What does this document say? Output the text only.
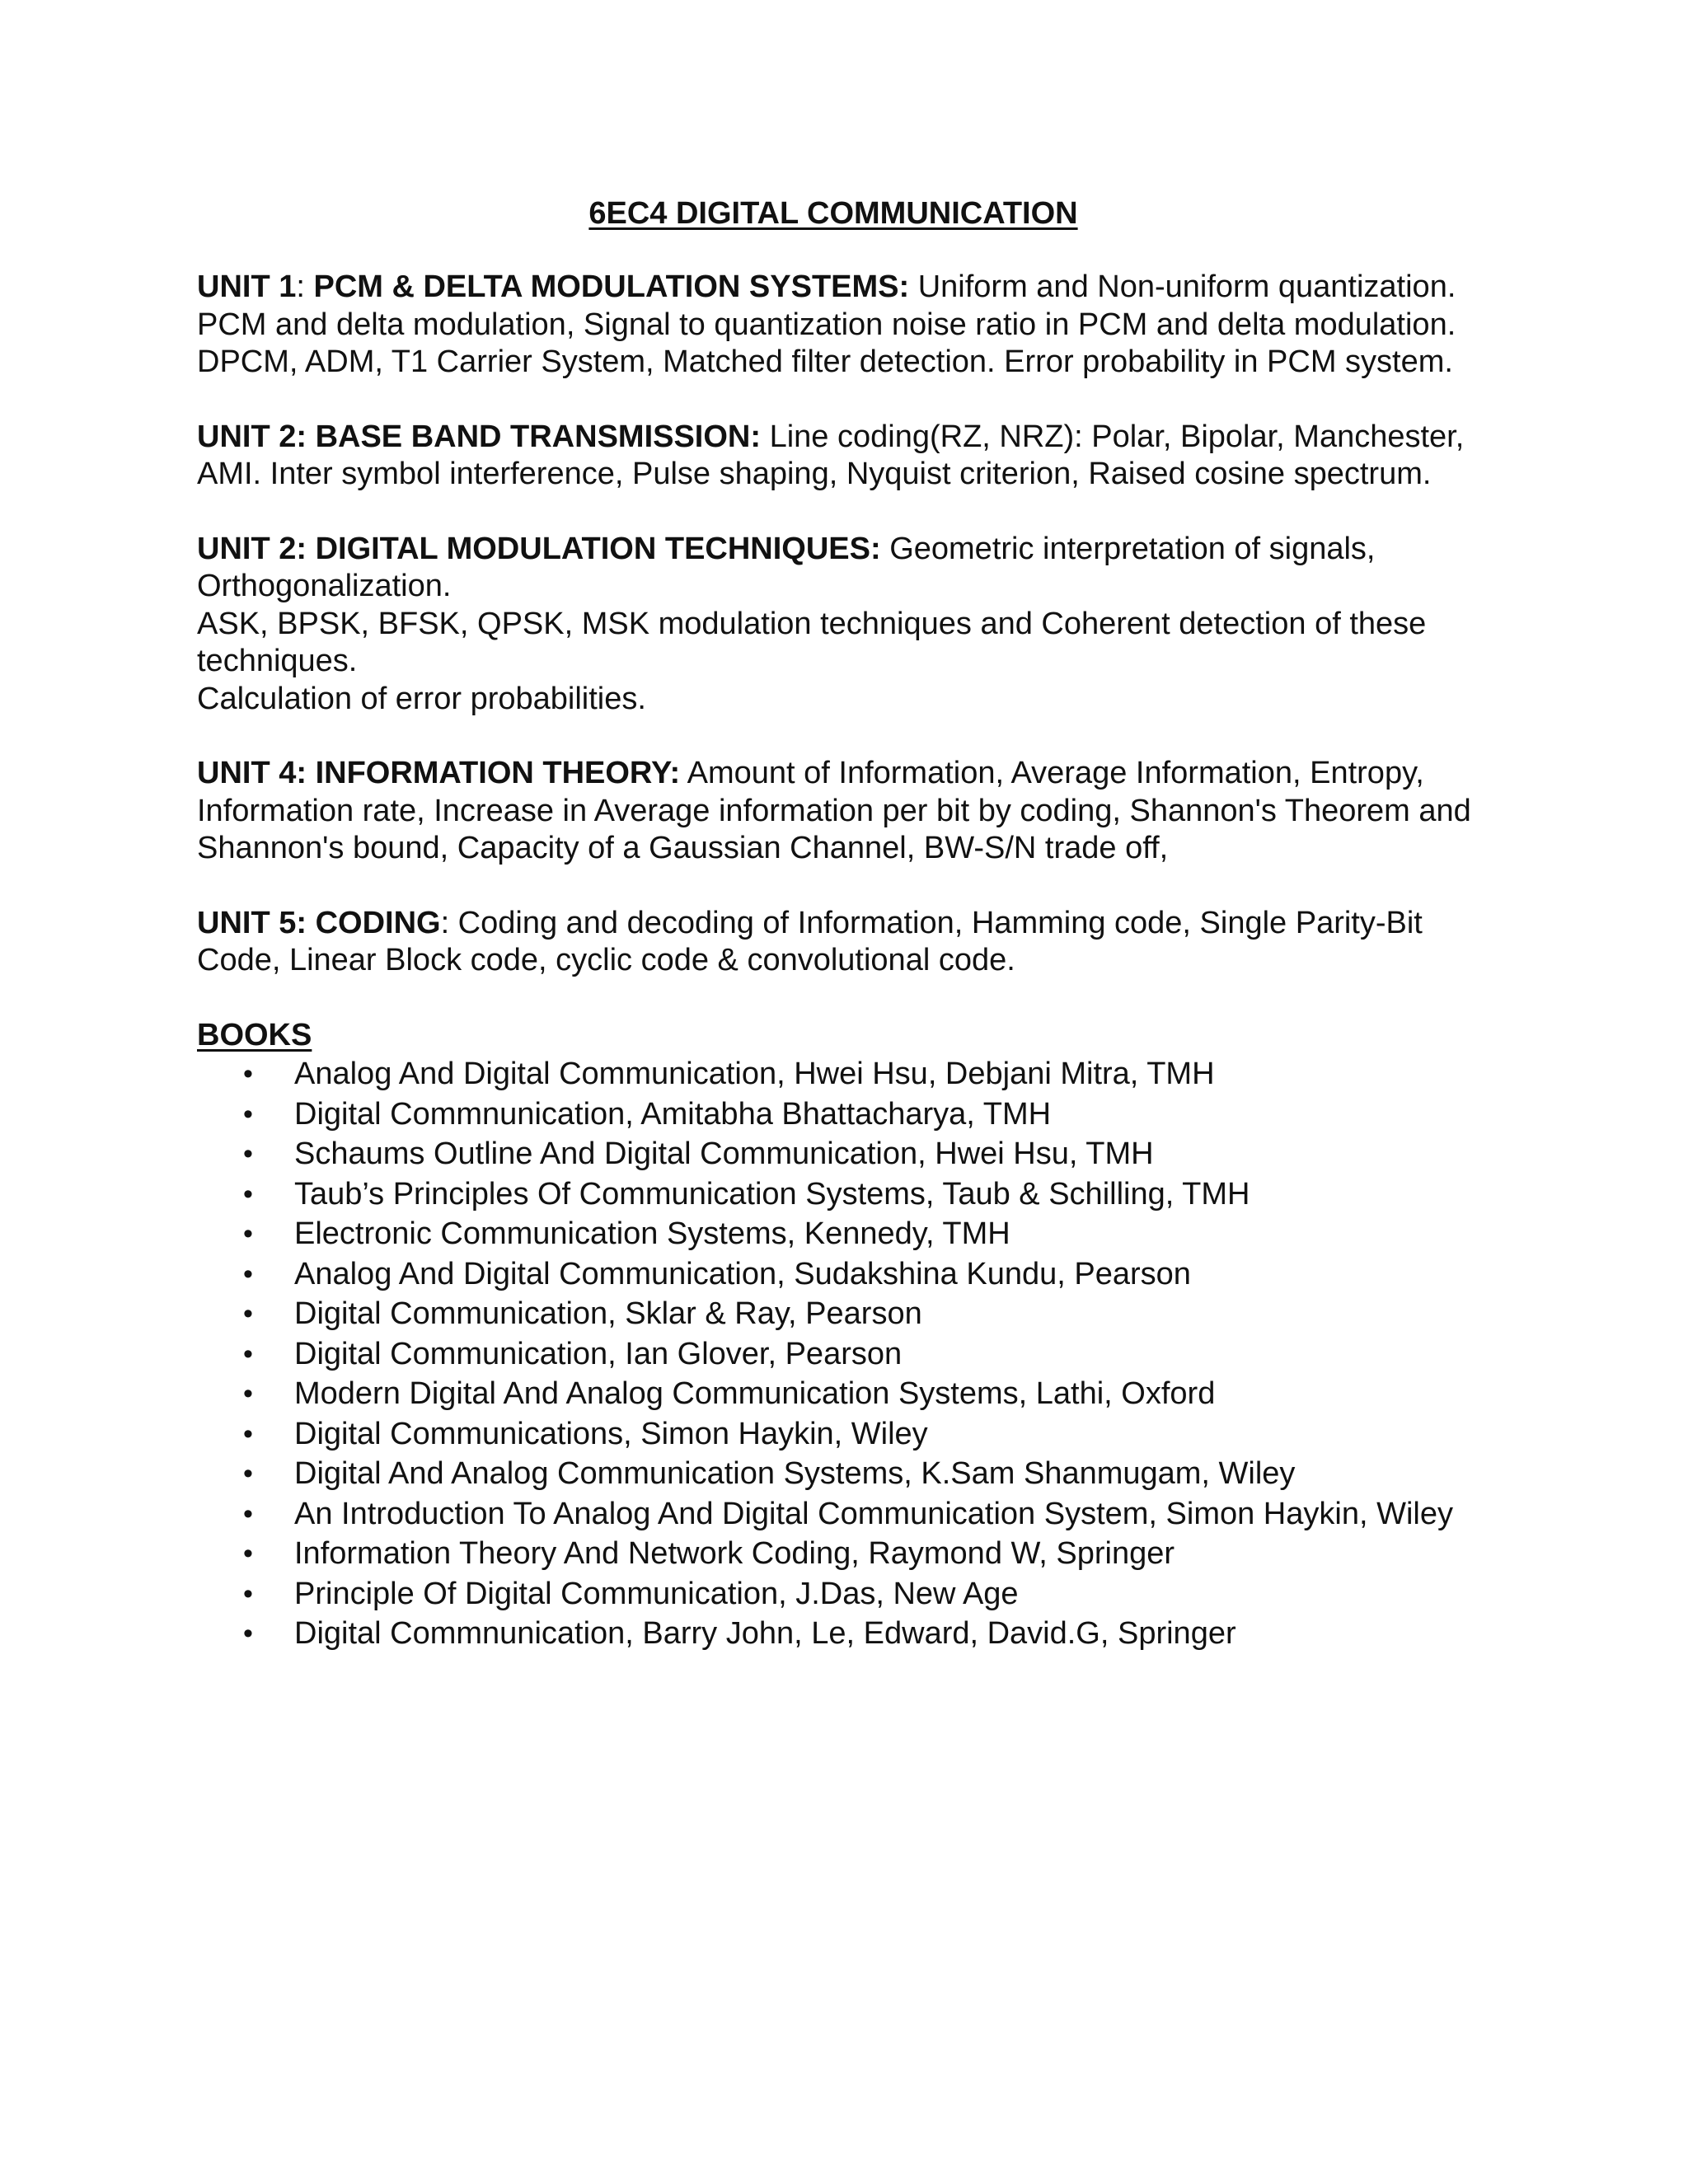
6EC4 DIGITAL COMMUNICATION
UNIT 1: PCM & DELTA MODULATION SYSTEMS: Uniform and Non-uniform quantization. PCM and delta modulation, Signal to quantization noise ratio in PCM and delta modulation. DPCM, ADM, T1 Carrier System, Matched filter detection. Error probability in PCM system.
UNIT 2: BASE BAND TRANSMISSION: Line coding(RZ, NRZ): Polar, Bipolar, Manchester, AMI. Inter symbol interference, Pulse shaping, Nyquist criterion, Raised cosine spectrum.
UNIT 2: DIGITAL MODULATION TECHNIQUES: Geometric interpretation of signals, Orthogonalization.
ASK, BPSK, BFSK, QPSK, MSK modulation techniques and Coherent detection of these techniques.
Calculation of error probabilities.
UNIT 4: INFORMATION THEORY: Amount of Information, Average Information, Entropy, Information rate, Increase in Average information per bit by coding, Shannon's Theorem and Shannon's bound, Capacity of a Gaussian Channel, BW-S/N trade off,
UNIT 5: CODING: Coding and decoding of Information, Hamming code, Single Parity-Bit Code, Linear Block code, cyclic code & convolutional code.
BOOKS
• Analog And Digital Communication, Hwei Hsu, Debjani Mitra, TMH
• Digital Commnunication, Amitabha Bhattacharya, TMH
• Schaums Outline And Digital Communication, Hwei Hsu, TMH
• Taub’s Principles Of Communication Systems, Taub & Schilling, TMH
• Electronic Communication Systems, Kennedy, TMH
• Analog And Digital Communication, Sudakshina Kundu, Pearson
• Digital Communication, Sklar & Ray, Pearson
• Digital Communication, Ian Glover, Pearson
• Modern Digital And Analog Communication Systems, Lathi, Oxford
• Digital Communications, Simon Haykin, Wiley
• Digital And Analog Communication Systems, K.Sam Shanmugam, Wiley
• An Introduction To Analog And Digital Communication System, Simon Haykin, Wiley
• Information Theory And Network Coding, Raymond W, Springer
• Principle Of Digital Communication, J.Das, New Age
• Digital Commnunication, Barry John, Le, Edward, David.G, Springer
